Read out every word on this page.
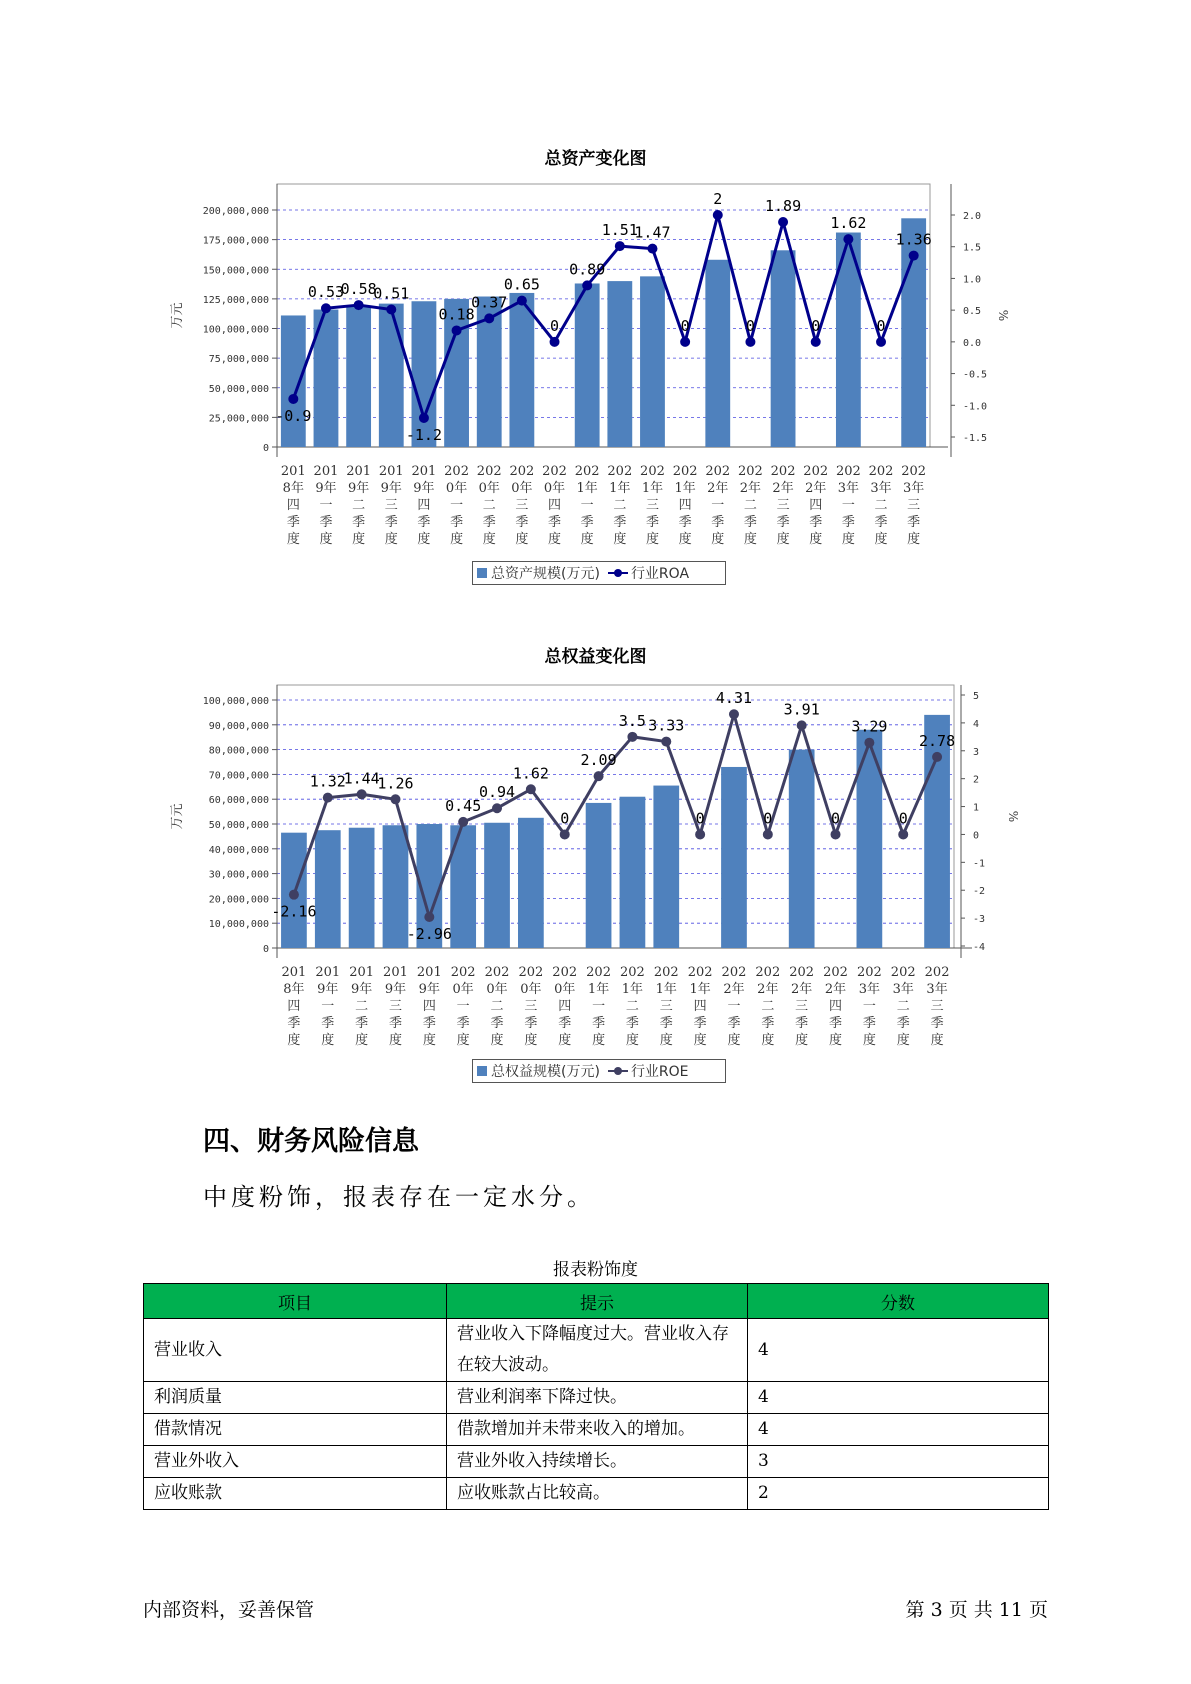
总资产变化图
0
25,000,000
50,000,000
75,000,000
100,000,000
125,000,000
150,000,000
175,000,000
200,000,000
万元
-1.5
-1.0
-0.5
0.0
0.5
1.0
1.5
2.0
%
201 8年四季度
201 9年一季度
201 9年二季度
201 9年三季度
201 9年四季度
202 0年一季度
202 0年二季度
202 0年三季度
202 0年四季度
202 1年一季度
202 1年二季度
202 1年三季度
202 1年四季度
202 2年一季度
202 2年二季度
202 2年三季度
202 2年四季度
202 3年一季度
202 3年二季度
202 3年三季度
-0.9
0.53
0.58
0.51
-1.2
0.18
0.37
0.65
0
0.89
1.51
1.47
0
2
0
1.89
0
1.62
0
1.36
总资产规模(万元) 行业ROA
总权益变化图
0
10,000,000
20,000,000
30,000,000
40,000,000
50,000,000
60,000,000
70,000,000
80,000,000
90,000,000
100,000,000
万元
-4
-3
-2
-1
0
1
2
3
4
5
%
201 8年四季度
201 9年一季度
201 9年二季度
201 9年三季度
201 9年四季度
202 0年一季度
202 0年二季度
202 0年三季度
202 0年四季度
202 1年一季度
202 1年二季度
202 1年三季度
202 1年四季度
202 2年一季度
202 2年二季度
202 2年三季度
202 2年四季度
202 3年一季度
202 3年二季度
202 3年三季度
-2.16
1.32
1.44
1.26
-2.96
0.45
0.94
1.62
0
2.09
3.5 3.33
0
4.31
0
3.91
0
3.29
0
2.78
总权益规模(万元) 行业ROE
四、财务风险信息

中度粉饰，报表存在一定水分。

报表粉饰度
项目	提示	分数
营业收入	营业收入下降幅度过大。营业收入存在较大波动。	4
利润质量	营业利润率下降过快。	4
借款情况	借款增加并未带来收入的增加。	4
营业外收入	营业外收入持续增长。	3
应收账款	应收账款占比较高。	2
内部资料，妥善保管	第 3 页 共 11 页
